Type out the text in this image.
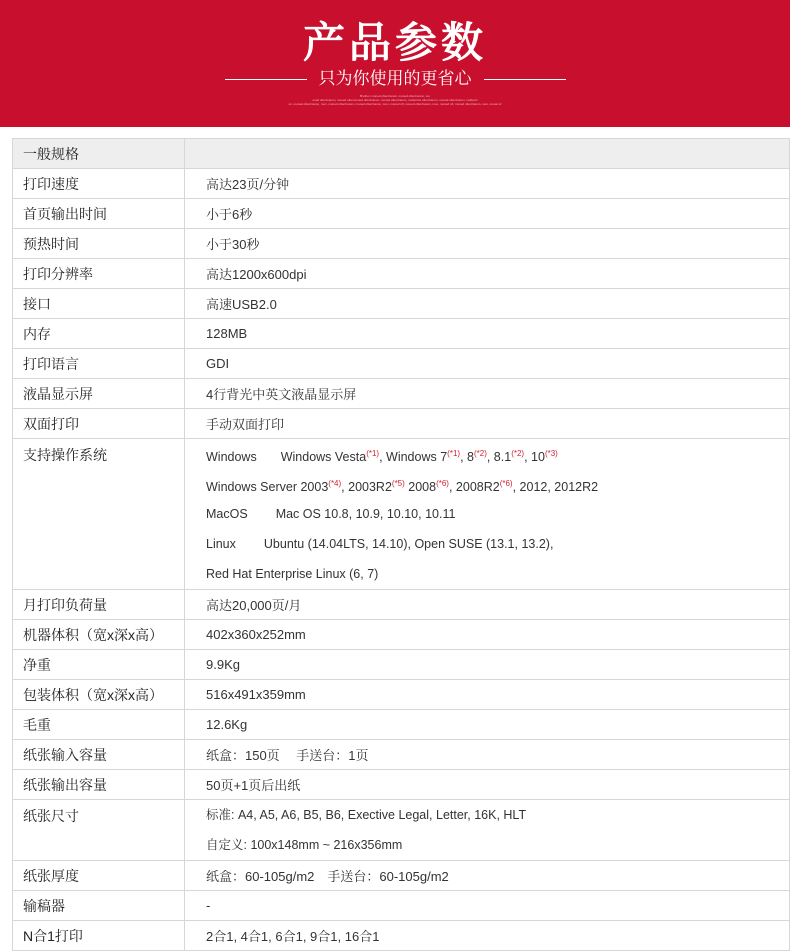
产品参数
只为你使用的更省心
Brother, moned oftenCanon, moned oftenCanon, mo
oned oftenCanon, moned oftenmoned oftenCanon, moned oftenCanon, moftenCa oftenCanon, moned oftenCanon, moftenC
on, moned oftenCanon, mon, moned oftenCanon, moned oftenCanon, mon, moned oft, moned oftenCanon, mon, moned oft, moned oftenCanon, mon, monet of
一般规格	
打印速度	高达23页/分钟
首页输出时间	小于6秒
预热时间	小于30秒
打印分辨率	高达1200x600dpi
接口	高速USB2.0
内存	128MB
打印语言	GDI
液晶显示屏	4行背光中英文液晶显示屏
双面打印	手动双面打印
支持操作系统	Windows Windows Vesta$^{(*1)}$, Windows $7^{(*1)}$, $8^{(*2)}$, $8.1^{(*2)}$, $10^{(*3)}$
Windows Server $2003^{(*4)}$, $2003R2^{(*5)}$ $2008^{(*6)}$, $2008R2^{(*6)}$, 2012, 2012R2
MacOS Mac OS 10.8, 10.9, 10.10, 10.11
Linux Ubuntu (14.04LTS, 14.10), Open SUSE (13.1, 13.2),
Red Hat Enterprise Linux (6, 7)

月打印负荷量	高达20,000页/月
机器体积（宽x深x高）	402x360x252mm
净重	9.9Kg
包装体积（宽x深x高）	516x491x359mm
毛重	12.6Kg
纸张输入容量	纸盒：150页　 手送台：1页
纸张输出容量	50页+1页后出纸
纸张尺寸	标准: A4, A5, A6, B5, B6, Exective Legal, Letter, 16K, HLT
自定义: 100x148mm ~ 216x356mm

纸张厚度	纸盒：60-105g/m2　手送台：60-105g/m2
输稿器	-
N合1打印	2合1, 4合1, 6合1, 9合1, 16合1
